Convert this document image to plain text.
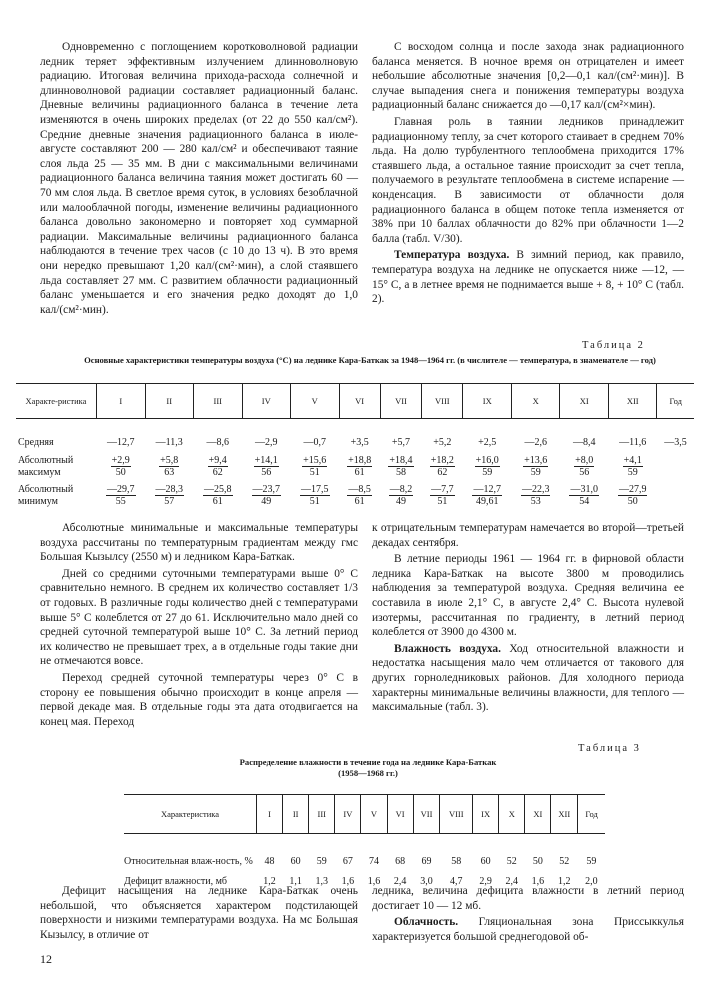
Одновременно с поглощением коротковолновой радиации ледник теряет эффективным излучением длинноволновую радиацию. Итоговая величина прихода-расхода солнечной и длинноволновой радиации составляет радиационный баланс. Дневные величины радиационного баланса в течение лета изменяются в очень широких пределах (от 22 до 550 кал/см²). Средние дневные значения радиационного баланса в июле-августе составляют 200 — 280 кал/см² и обеспечивают таяние слоя льда 25 — 35 мм. В дни с максимальными величинами радиационного баланса величина таяния может достигать 60 — 70 мм слоя льда. В светлое время суток, в условиях безоблачной или малооблачной погоды, изменение величины радиационного баланса довольно закономерно и повторяет ход суммарной радиации. Максимальные величины радиационного баланса наблюдаются в течение трех часов (с 10 до 13 ч). В это время они нередко превышают 1,20 кал/(см²·мин), а слой стаявшего льда составляет 27 мм. С развитием облачности радиационный баланс уменьшается и его значения редко доходят до 1,0 кал/(см²·мин).

С восходом солнца и после захода знак радиационного баланса меняется. В ночное время он отрицателен и имеет небольшие абсолютные значения [0,2—0,1 кал/(см²·мин)]. В случае выпадения снега и понижения температуры воздуха радиационный баланс снижается до —0,17 кал/(см²×мин).

Главная роль в таянии ледников принадлежит радиационному теплу, за счет которого стаивает в среднем 70% льда. На долю турбулентного теплообмена приходится 17% стаявшего льда, а остальное таяние происходит за счет тепла, получаемого в результате теплообмена в системе испарение — конденсация. В зависимости от облачности доля радиационного баланса в общем потоке тепла изменяется от 38% при 10 баллах облачности до 82% при облачности 1—2 балла (табл. V/30).

Температура воздуха. В зимний период, как правило, температура воздуха на леднике не опускается ниже —12, —15° С, а в летнее время не поднимается выше + 8, + 10° С (табл. 2).

Таблица 2
Основные характеристики температуры воздуха (°С) на леднике Кара-Баткак за 1948—1964 гг. (в числителе — температура, в знаменателе — год)
Характе-ристика	I	II	III	IV	V	VI	VII	VIII	IX	X	XI	XII	Год

Средняя	—12,7	—11,3	—8,6	—2,9	—0,7	+3,5	+5,7	+5,2	+2,5	—2,6	—8,4	—11,6	—3,5
Абсолютный максимум	$\frac{+2,9}{50}$	$\frac{+5,8}{63}$	$\frac{+9,4}{62}$	$\frac{+14,1}{56}$	$\frac{+15,6}{51}$	$\frac{+18,8}{61}$	$\frac{+18,4}{58}$	$\frac{+18,2}{62}$	$\frac{+16,0}{59}$	$\frac{+13,6}{59}$	$\frac{+8,0}{56}$	$\frac{+4,1}{59}$

Абсолютный минимум	$\frac{—29,7}{55}$	$\frac{—28,3}{57}$	$\frac{—25,8}{61}$	$\frac{—23,7}{49}$	$\frac{—17,5}{51}$	$\frac{—8,5}{61}$	$\frac{—8,2}{49}$	$\frac{—7,7}{51}$	$\frac{—12,7}{49,61}$	$\frac{—22,3}{53}$	$\frac{—31,0}{54}$	$\frac{—27,9}{50}$

Абсолютные минимальные и максимальные температуры воздуха рассчитаны по температурным градиентам между гмс Большая Кызылсу (2550 м) и ледником Кара-Баткак.

Дней со средними суточными температурами выше 0° С сравнительно немного. В среднем их количество составляет 1/3 от годовых. В различные годы количество дней с температурами выше 5° С колеблется от 27 до 61. Исключительно мало дней со средней суточной температурой выше 10° С. За летний период их количество не превышает трех, а в отдельные годы такие дни не отмечаются вовсе.

Переход средней суточной температуры через 0° С в сторону ее повышения обычно происходит в конце апреля — первой декаде мая. В отдельные годы эта дата отодвигается на конец мая. Переход

к отрицательным температурам намечается во второй—третьей декадах сентября.

В летние периоды 1961 — 1964 гг. в фирновой области ледника Кара-Баткак на высоте 3800 м проводились наблюдения за температурой воздуха. Средняя величина ее составила в июле 2,1° С, в августе 2,4° С. Высота нулевой изотермы, рассчитанная по градиенту, в летний период колеблется от 3900 до 4300 м.

Влажность воздуха. Ход относительной влажности и недостатка насыщения мало чем отличается от такового для других горноледниковых районов. Для холодного периода характерны минимальные величины влажности, для теплого — максимальные (табл. 3).

Таблица 3
Распределение влажности в течение года на леднике Кара-Баткак (1958—1968 гг.)
Характеристика	I	II	III	IV	V	VI	VII	VIII	IX	X	XI	XII	Год

Относительная влаж-ность, %	48	60	59	67	74	68	69	58	60	52	50	52	59
Дефицит влажности, мб	1,2	1,1	1,3	1,6	1,6	2,4	3,0	4,7	2,9	2,4	1,6	1,2	2,0

Дефицит насыщения на леднике Кара-Баткак очень небольшой, что объясняется характером подстилающей поверхности и низкими температурами воздуха. На мс Большая Кызылсу, в отличие от

ледника, величина дефицита влажности в летний период достигает 10 — 12 мб.

Облачность. Гляциональная зона Приссыккулья характеризуется большой среднегодовой об-

12
